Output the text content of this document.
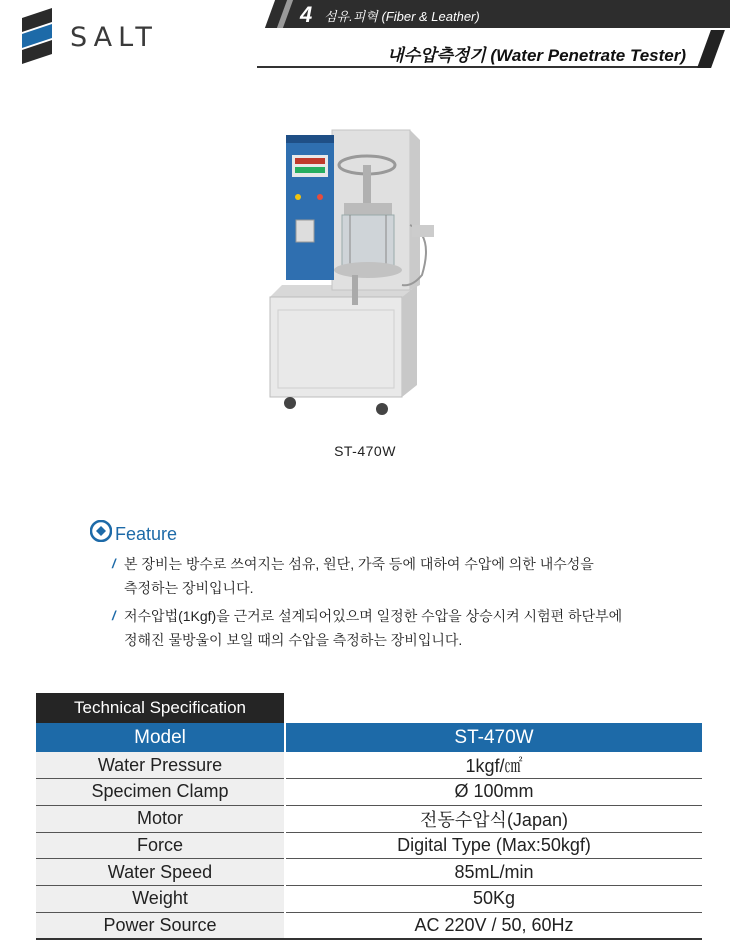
SALT
4 섬유.피혁 (Fiber & Leather)
내수압측정기 (Water Penetrate Tester)
ST-470W
Feature
/ 본 장비는 방수로 쓰여지는 섬유, 원단, 가죽 등에 대하여 수압에 의한 내수성을
측정하는 장비입니다.
/ 저수압법(1Kgf)을 근거로 설계되어있으며 일정한 수압을 상승시켜 시험편 하단부에
정해진 물방울이 보일 때의 수압을 측정하는 장비입니다.
Technical Specification
Model	ST-470W
Water Pressure	1kgf/㎠
Specimen Clamp	Ø 100mm
Motor	전동수압식(Japan)
Force	Digital Type (Max:50kgf)
Water Speed	85mL/min
Weight	50Kg
Power Source	AC 220V / 50, 60Hz
